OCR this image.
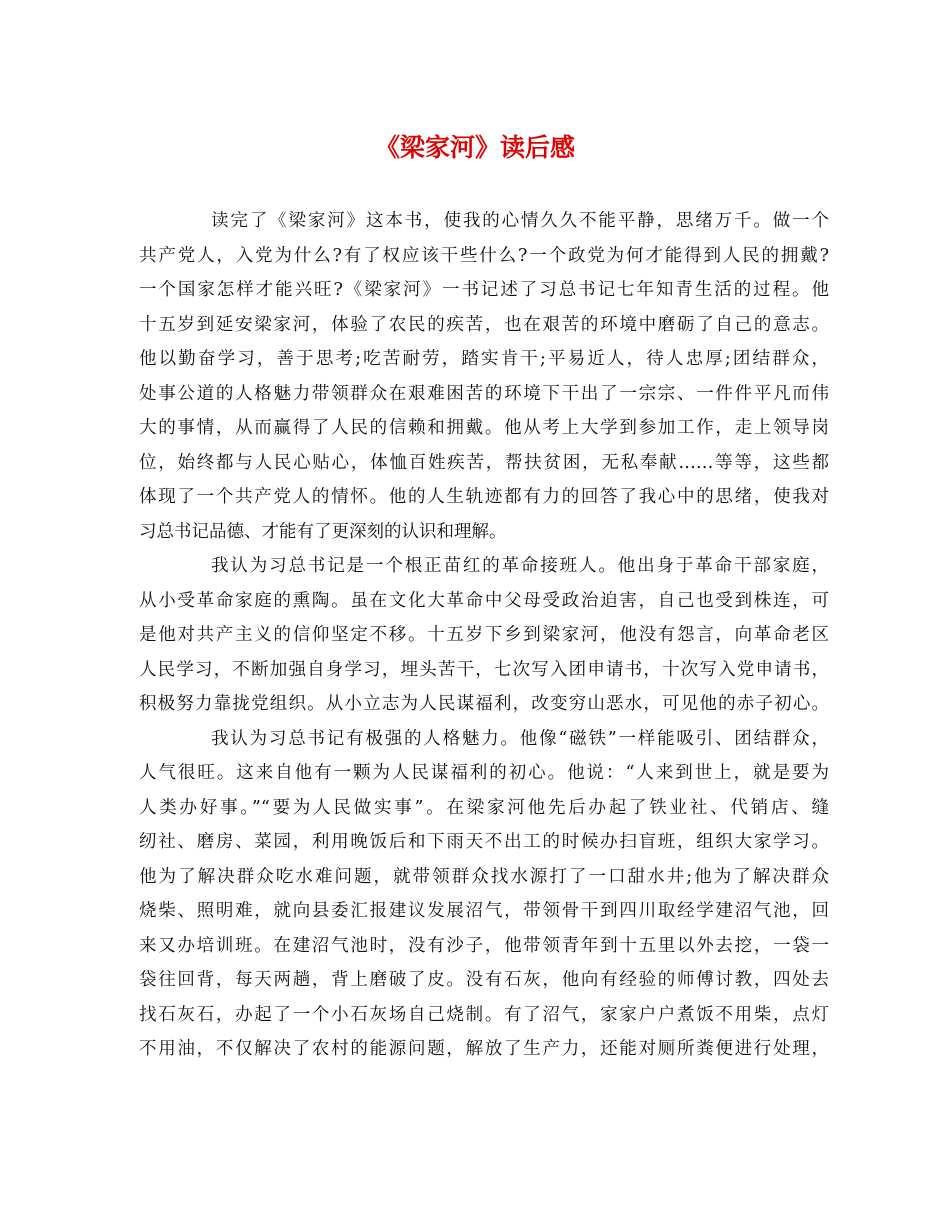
《梁家河》读后感
读完了《梁家河》这本书，使我的心情久久不能平静，思绪万千。做一个
共产党人，入党为什么?有了权应该干些什么?一个政党为何才能得到人民的拥戴?
一个国家怎样才能兴旺?《梁家河》一书记述了习总书记七年知青生活的过程。他
十五岁到延安梁家河，体验了农民的疾苦，也在艰苦的环境中磨砺了自己的意志。
他以勤奋学习，善于思考;吃苦耐劳，踏实肯干;平易近人，待人忠厚;团结群众，
处事公道的人格魅力带领群众在艰难困苦的环境下干出了一宗宗、一件件平凡而伟
大的事情，从而赢得了人民的信赖和拥戴。他从考上大学到参加工作，走上领导岗
位，始终都与人民心贴心，体恤百姓疾苦，帮扶贫困，无私奉献……等等，这些都
体现了一个共产党人的情怀。他的人生轨迹都有力的回答了我心中的思绪，使我对
习总书记品德、才能有了更深刻的认识和理解。
我认为习总书记是一个根正苗红的革命接班人。他出身于革命干部家庭，
从小受革命家庭的熏陶。虽在文化大革命中父母受政治迫害，自己也受到株连，可
是他对共产主义的信仰坚定不移。十五岁下乡到梁家河，他没有怨言，向革命老区
人民学习，不断加强自身学习，埋头苦干，七次写入团申请书，十次写入党申请书，
积极努力靠拢党组织。从小立志为人民谋福利，改变穷山恶水，可见他的赤子初心。
我认为习总书记有极强的人格魅力。他像“磁铁”一样能吸引、团结群众，
人气很旺。这来自他有一颗为人民谋福利的初心。他说：“人来到世上，就是要为
人类办好事。”“要为人民做实事”。在梁家河他先后办起了铁业社、代销店、缝
纫社、磨房、菜园，利用晚饭后和下雨天不出工的时候办扫盲班，组织大家学习。
他为了解决群众吃水难问题，就带领群众找水源打了一口甜水井;他为了解决群众
烧柴、照明难，就向县委汇报建议发展沼气，带领骨干到四川取经学建沼气池，回
来又办培训班。在建沼气池时，没有沙子，他带领青年到十五里以外去挖，一袋一
袋往回背，每天两趟，背上磨破了皮。没有石灰，他向有经验的师傅讨教，四处去
找石灰石，办起了一个小石灰场自己烧制。有了沼气，家家户户煮饭不用柴，点灯
不用油，不仅解决了农村的能源问题，解放了生产力，还能对厕所粪便进行处理，
